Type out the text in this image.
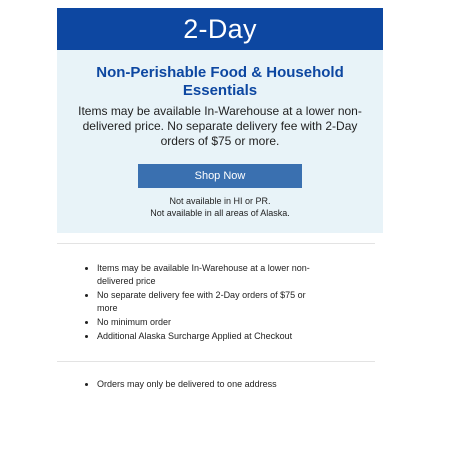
2-Day
Non-Perishable Food & Household Essentials
Items may be available In-Warehouse at a lower non-delivered price. No separate delivery fee with 2-Day orders of $75 or more.
Shop Now
Not available in HI or PR.
Not available in all areas of Alaska.
• Items may be available In-Warehouse at a lower non-delivered price
• No separate delivery fee with 2-Day orders of $75 or more
• No minimum order
• Additional Alaska Surcharge Applied at Checkout
• Orders may only be delivered to one address
